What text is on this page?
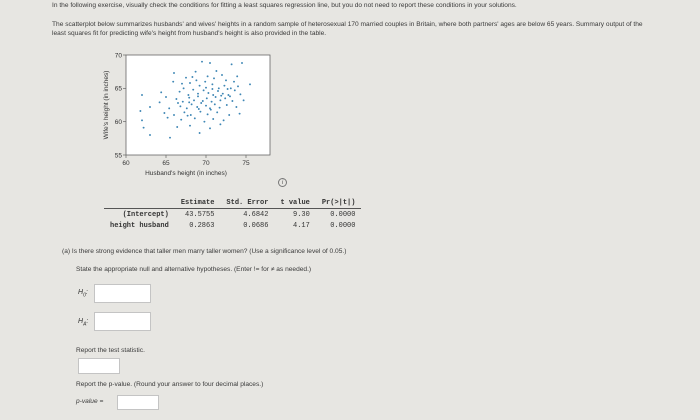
In the following exercise, visually check the conditions for fitting a least squares regression line, but you do not need to report these conditions in your solutions.

The scatterplot below summarizes husbands' and wives' heights in a random sample of heterosexual 170 married couples in Britain, where both partners' ages are below 65 years. Summary output of the least squares fit for predicting wife's height from husband's height is also provided in the table.

60	65	70	75
55
60
65
70
Husband's height (in inches)
Wife's height (in inches)
i
	Estimate	Std. Error	t value	Pr(>|t|)
(Intercept)	43.5755	4.6842	9.30	0.0000
height husband	0.2863	0.0686	4.17	0.0000

(a) Is there strong evidence that taller men marry taller women? (Use a significance level of 0.05.)

State the appropriate null and alternative hypotheses. (Enter != for ≠ as needed.)

$H_0$:
$H_A$:

Report the test statistic.

Report the p-value. (Round your answer to four decimal places.)

p-value =
